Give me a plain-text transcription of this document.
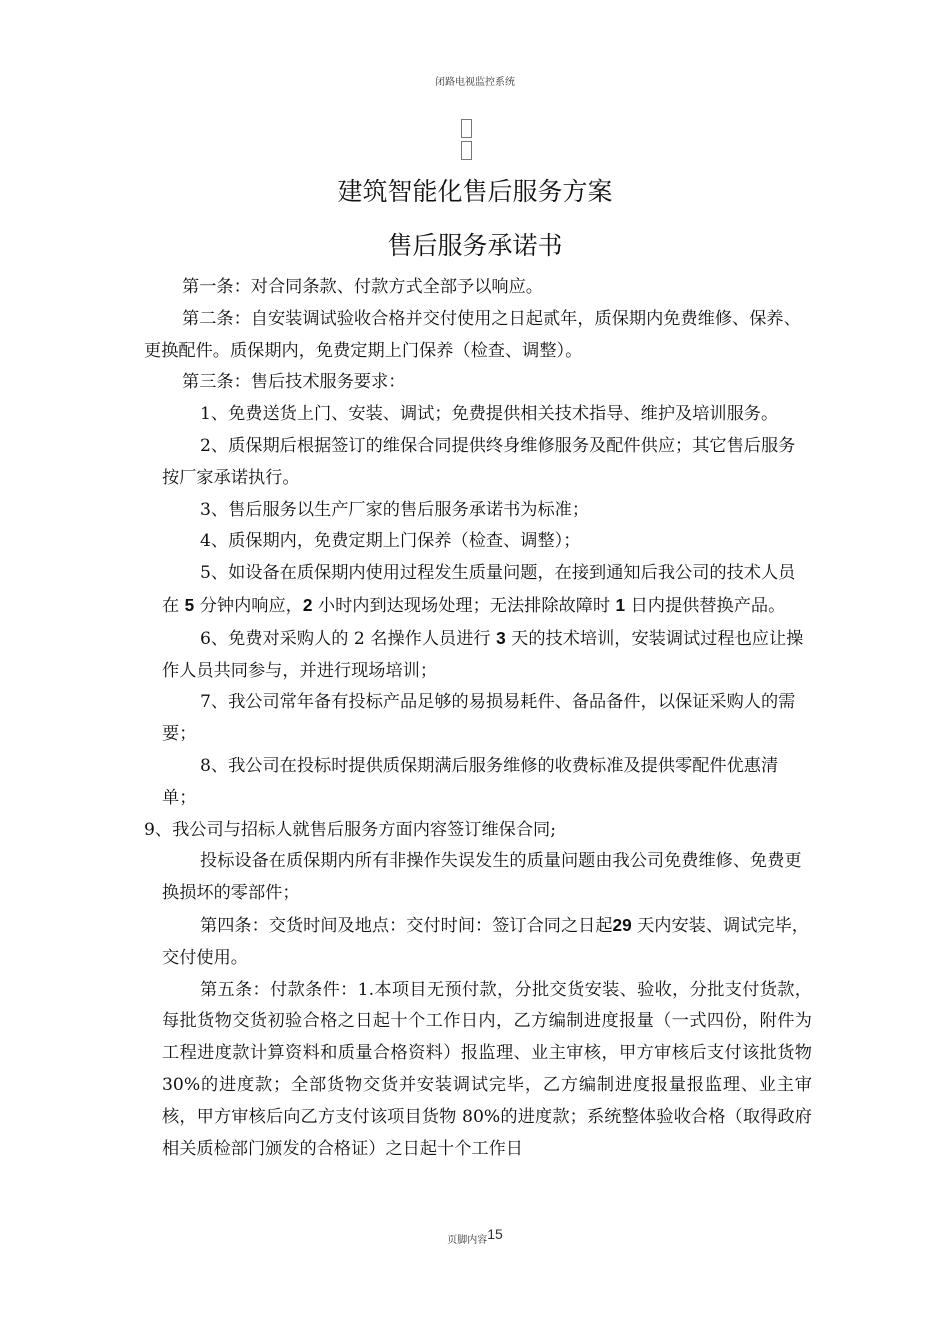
闭路电视监控系统
建筑智能化售后服务方案
售后服务承诺书

第一条：对合同条款、付款方式全部予以响应。

第二条：自安装调试验收合格并交付使用之日起贰年，质保期内免费维修、保养、更换配件。质保期内，免费定期上门保养（检查、调整）。

第三条：售后技术服务要求：

1、免费送货上门、安装、调试；免费提供相关技术指导、维护及培训服务。

2、质保期后根据签订的维保合同提供终身维修服务及配件供应；其它售后服务按厂家承诺执行。

3、售后服务以生产厂家的售后服务承诺书为标准；

4、质保期内，免费定期上门保养（检查、调整）；

5、如设备在质保期内使用过程发生质量问题，在接到通知后我公司的技术人员在 5 分钟内响应，2 小时内到达现场处理；无法排除故障时 1 日内提供替换产品。

6、免费对采购人的 2 名操作人员进行 3 天的技术培训，安装调试过程也应让操作人员共同参与，并进行现场培训；

7、我公司常年备有投标产品足够的易损易耗件、备品备件，以保证采购人的需要；

8、我公司在投标时提供质保期满后服务维修的收费标准及提供零配件优惠清单；

9、我公司与招标人就售后服务方面内容签订维保合同;

投标设备在质保期内所有非操作失误发生的质量问题由我公司免费维修、免费更换损坏的零部件；

第四条：交货时间及地点：交付时间：签订合同之日起29 天内安装、调试完毕，交付使用。

第五条：付款条件：1.本项目无预付款，分批交货安装、验收，分批支付货款，每批货物交货初验合格之日起十个工作日内，乙方编制进度报量（一式四份，附件为工程进度款计算资料和质量合格资料）报监理、业主审核，甲方审核后支付该批货物 30%的进度款；全部货物交货并安装调试完毕，乙方编制进度报量报监理、业主审核，甲方审核后向乙方支付该项目货物 80%的进度款；系统整体验收合格（取得政府相关质检部门颁发的合格证）之日起十个工作日

页脚内容15
